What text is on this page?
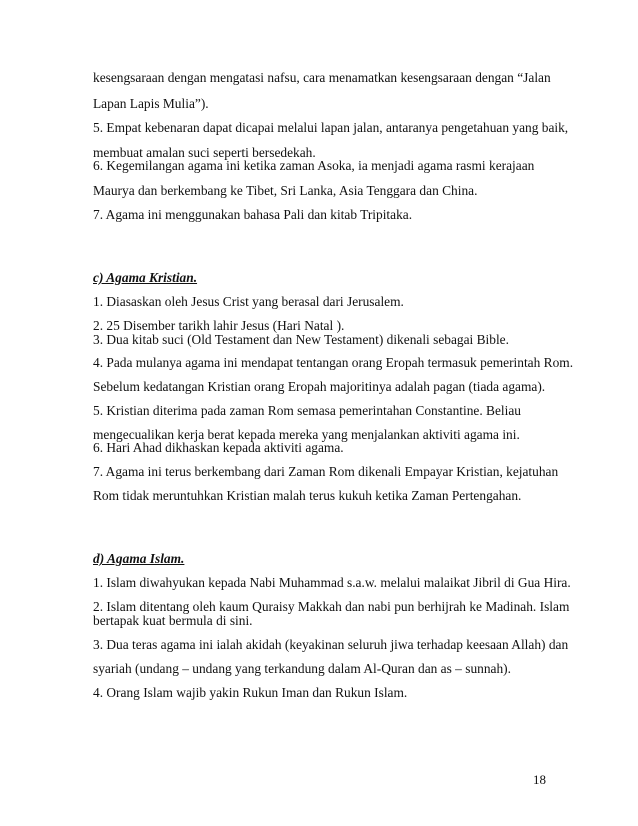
kesengsaraan dengan mengatasi nafsu, cara menamatkan kesengsaraan dengan “Jalan
Lapan Lapis Mulia”).
5. Empat kebenaran dapat dicapai melalui lapan jalan, antaranya pengetahuan yang baik,
membuat amalan suci seperti bersedekah.
6. Kegemilangan agama ini ketika zaman Asoka, ia menjadi agama rasmi kerajaan
Maurya dan berkembang ke Tibet, Sri Lanka, Asia Tenggara dan China.
7. Agama ini menggunakan bahasa Pali dan kitab Tripitaka.
c) Agama Kristian.
1. Diasaskan oleh Jesus Crist yang berasal dari Jerusalem.
2. 25 Disember tarikh lahir Jesus (Hari Natal ).
3. Dua kitab suci (Old Testament dan New Testament) dikenali sebagai Bible.
4. Pada mulanya agama ini mendapat tentangan orang Eropah termasuk pemerintah Rom.
Sebelum kedatangan Kristian orang Eropah majoritinya adalah pagan (tiada agama).
5. Kristian diterima pada zaman Rom semasa pemerintahan Constantine. Beliau
mengecualikan kerja berat kepada mereka yang menjalankan aktiviti agama ini.
6. Hari Ahad dikhaskan kepada aktiviti agama.
7. Agama ini terus berkembang dari Zaman Rom dikenali Empayar Kristian, kejatuhan
Rom tidak meruntuhkan Kristian malah terus kukuh ketika Zaman Pertengahan.
d) Agama Islam.
1. Islam diwahyukan kepada Nabi Muhammad s.a.w. melalui malaikat Jibril di Gua Hira.
2. Islam ditentang oleh kaum Quraisy Makkah dan nabi pun berhijrah ke Madinah. Islam
bertapak kuat bermula di sini.
3. Dua teras agama ini ialah akidah (keyakinan seluruh jiwa terhadap keesaan Allah) dan
syariah (undang – undang yang terkandung dalam Al-Quran dan as – sunnah).
4. Orang Islam wajib yakin Rukun Iman dan Rukun Islam.
18
